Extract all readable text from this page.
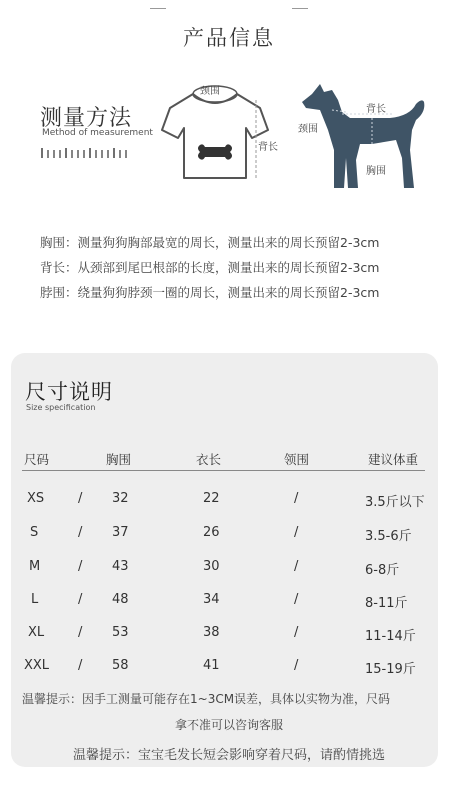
产品信息
测量方法
Method of measurement
颈围
背长
背长
颈围
胸围
胸围：测量狗狗胸部最宽的周长，测量出来的周长预留2-3cm
背长：从颈部到尾巴根部的长度，测量出来的周长预留2-3cm
脖围：绕量狗狗脖颈一圈的周长，测量出来的周长预留2-3cm
尺寸说明
Size specification
尺码	胸围	衣长	领围	建议体重
XS	/ 32	22	/	3.5斤以下
S	/ 37	26	/	3.5-6斤
M	/ 43	30	/	6-8斤
L	/ 48	34	/	8-11斤
XL	/ 53	38	/	11-14斤
XXL / 58	41	/	15-19斤
温馨提示：因手工测量可能存在1~3CM误差，具体以实物为准，尺码
拿不准可以咨询客服
温馨提示：宝宝毛发长短会影响穿着尺码，请酌情挑选
